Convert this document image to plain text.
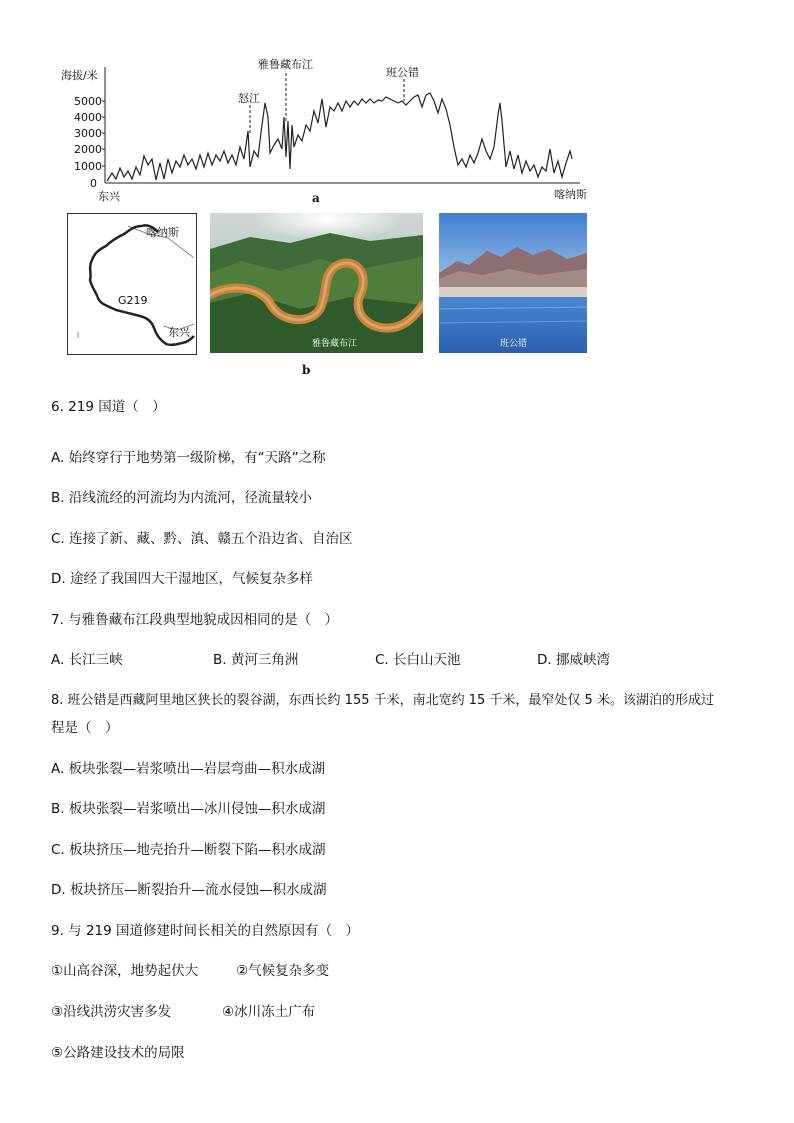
海拔/米
5000
4000
3000
2000
1000
0
怒江
雅鲁藏布江
班公错
东兴	喀纳斯
a
喀纳斯
G219
东兴
雅鲁藏布江	班公错
b
6. 219 国道（　）
A. 始终穿行于地势第一级阶梯，有“天路”之称
B. 沿线流经的河流均为内流河，径流量较小
C. 连接了新、藏、黔、滇、赣五个沿边省、自治区
D. 途经了我国四大干湿地区，气候复杂多样
7. 与雅鲁藏布江段典型地貌成因相同的是（　）
A. 长江三峡	B. 黄河三角洲	C. 长白山天池	D. 挪威峡湾
8. 班公错是西藏阿里地区狭长的裂谷湖，东西长约 155 千米，南北宽约 15 千米，最窄处仅 5 米。该湖泊的形成过
程是（　）
A. 板块张裂—岩浆喷出—岩层弯曲—积水成湖
B. 板块张裂—岩浆喷出—冰川侵蚀—积水成湖
C. 板块挤压—地壳抬升—断裂下陷—积水成湖
D. 板块挤压—断裂抬升—流水侵蚀—积水成湖
9. 与 219 国道修建时间长相关的自然原因有（　）
①山高谷深，地势起伏大	②气候复杂多变
③沿线洪涝灾害多发	④冰川冻土广布
⑤公路建设技术的局限
